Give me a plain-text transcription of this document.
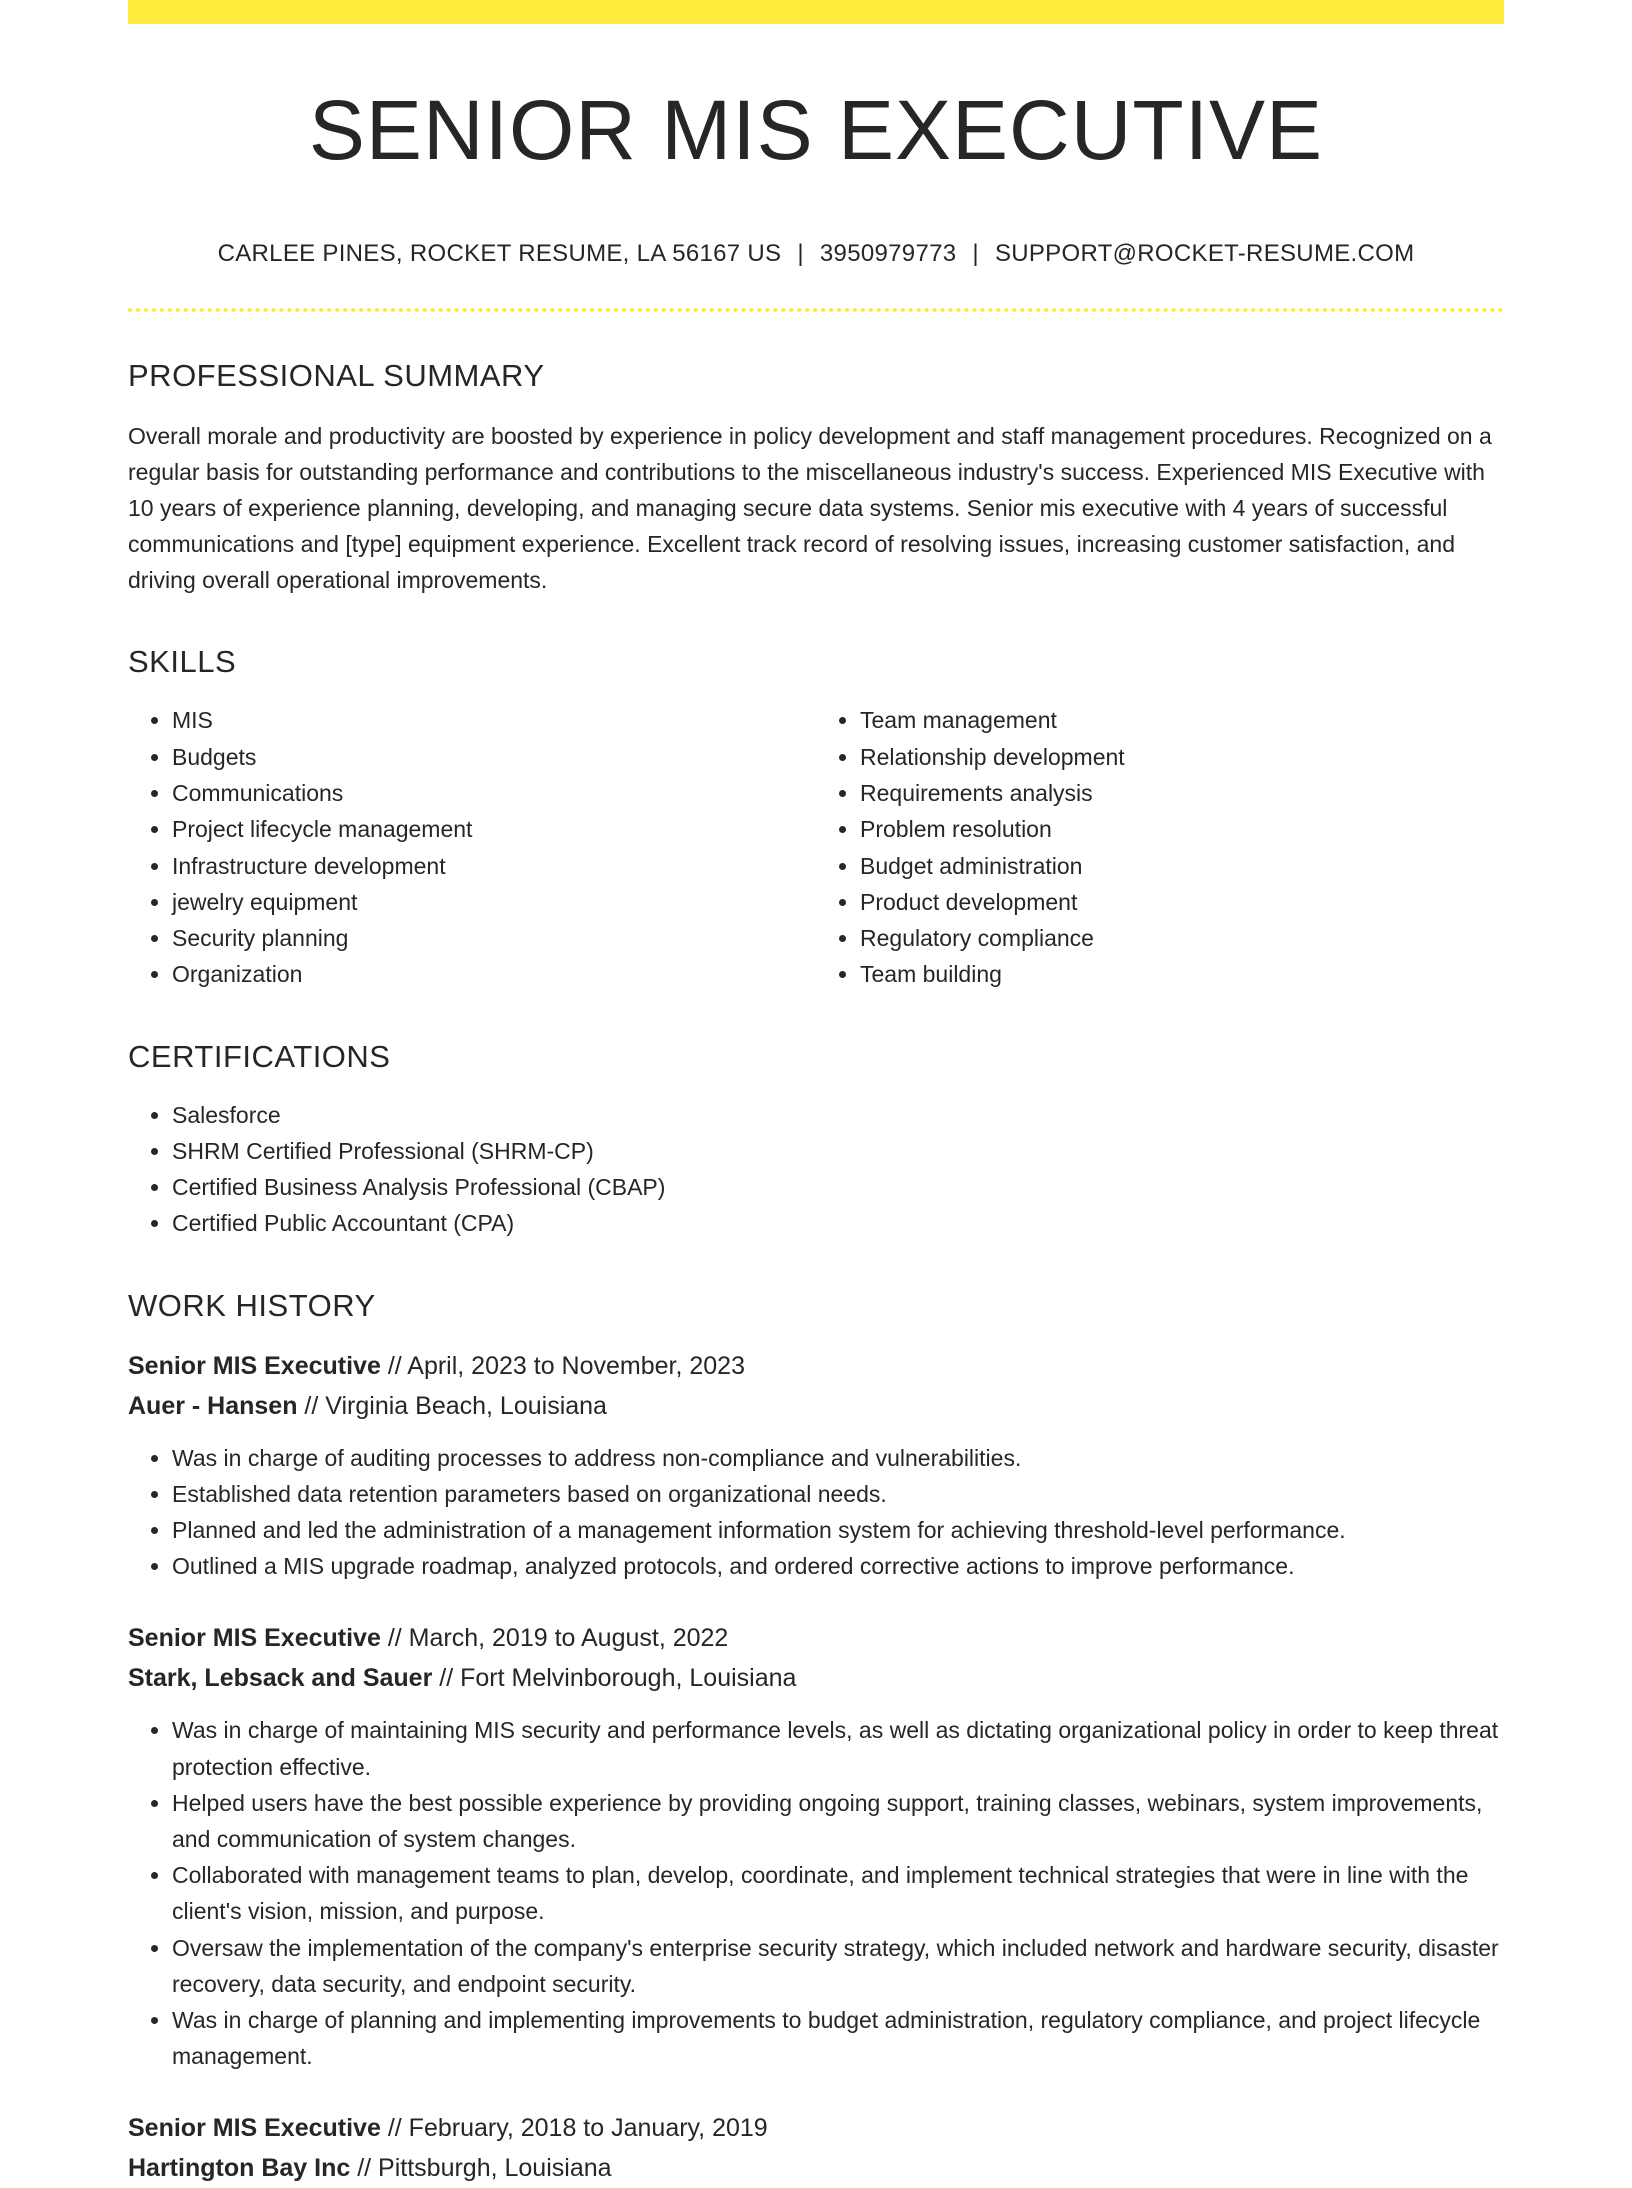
SENIOR MIS EXECUTIVE
CARLEE PINES, ROCKET RESUME, LA 56167 US | 3950979773 | SUPPORT@ROCKET-RESUME.COM
PROFESSIONAL SUMMARY

Overall morale and productivity are boosted by experience in policy development and staff management procedures. Recognized on a regular basis for outstanding performance and contributions to the miscellaneous industry's success. Experienced MIS Executive with 10 years of experience planning, developing, and managing secure data systems. Senior mis executive with 4 years of successful communications and [type] equipment experience. Excellent track record of resolving issues, increasing customer satisfaction, and driving overall operational improvements.

SKILLS
• MIS
• Budgets
• Communications
• Project lifecycle management
• Infrastructure development
• jewelry equipment
• Security planning
• Organization
• Team management
• Relationship development
• Requirements analysis
• Problem resolution
• Budget administration
• Product development
• Regulatory compliance
• Team building
CERTIFICATIONS
• Salesforce
• SHRM Certified Professional (SHRM-CP)
• Certified Business Analysis Professional (CBAP)
• Certified Public Accountant (CPA)
WORK HISTORY
Senior MIS Executive // April, 2023 to November, 2023
Auer - Hansen // Virginia Beach, Louisiana
• Was in charge of auditing processes to address non-compliance and vulnerabilities.
• Established data retention parameters based on organizational needs.
• Planned and led the administration of a management information system for achieving threshold-level performance.
• Outlined a MIS upgrade roadmap, analyzed protocols, and ordered corrective actions to improve performance.
Senior MIS Executive // March, 2019 to August, 2022
Stark, Lebsack and Sauer // Fort Melvinborough, Louisiana
• Was in charge of maintaining MIS security and performance levels, as well as dictating organizational policy in order to keep threat protection effective.
• Helped users have the best possible experience by providing ongoing support, training classes, webinars, system improvements, and communication of system changes.
• Collaborated with management teams to plan, develop, coordinate, and implement technical strategies that were in line with the client's vision, mission, and purpose.
• Oversaw the implementation of the company's enterprise security strategy, which included network and hardware security, disaster recovery, data security, and endpoint security.
• Was in charge of planning and implementing improvements to budget administration, regulatory compliance, and project lifecycle management.
Senior MIS Executive // February, 2018 to January, 2019
Hartington Bay Inc // Pittsburgh, Louisiana
